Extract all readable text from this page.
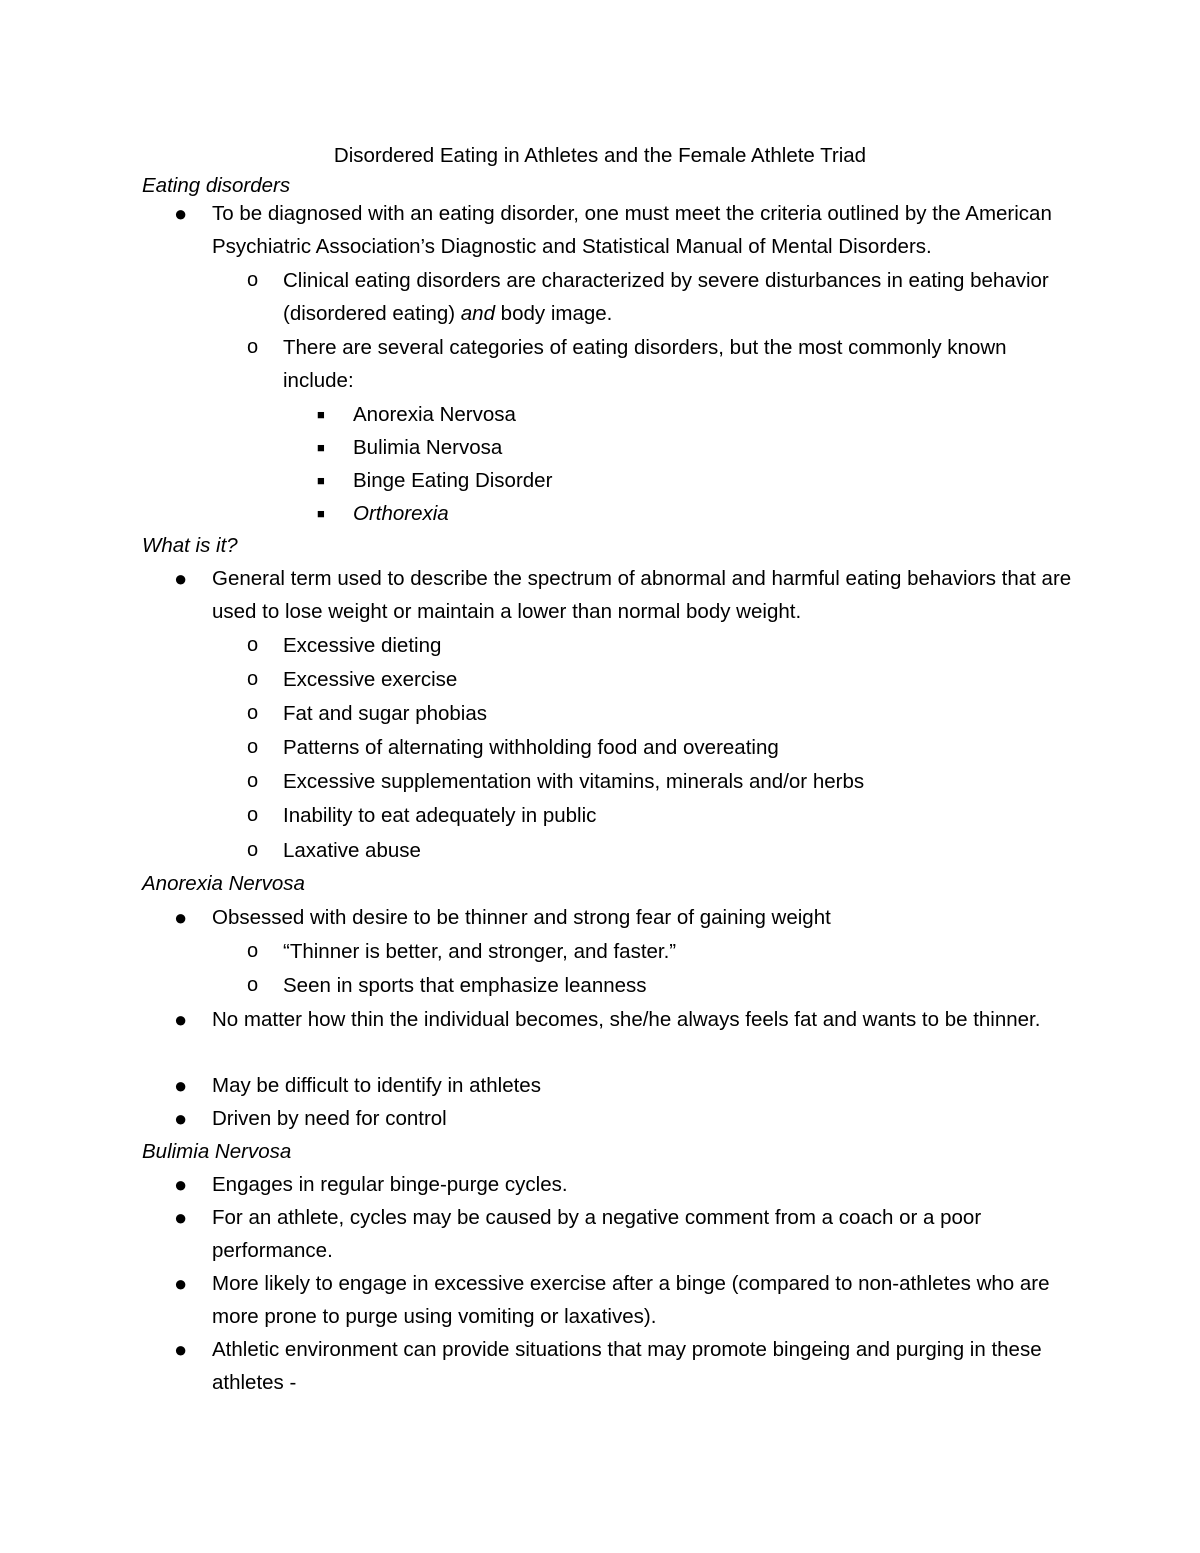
Disordered Eating in Athletes and the Female Athlete Triad
Eating disorders
● To be diagnosed with an eating disorder, one must meet the criteria outlined by the American Psychiatric Association’s Diagnostic and Statistical Manual of Mental Disorders.
o Clinical eating disorders are characterized by severe disturbances in eating behavior (disordered eating) and body image.
o There are several categories of eating disorders, but the most commonly known include:
■ Anorexia Nervosa
■ Bulimia Nervosa
■ Binge Eating Disorder
■ Orthorexia
What is it?
● General term used to describe the spectrum of abnormal and harmful eating behaviors that are used to lose weight or maintain a lower than normal body weight.
o Excessive dieting
o Excessive exercise
o Fat and sugar phobias
o Patterns of alternating withholding food and overeating
o Excessive supplementation with vitamins, minerals and/or herbs
o Inability to eat adequately in public
o Laxative abuse
Anorexia Nervosa
● Obsessed with desire to be thinner and strong fear of gaining weight
o “Thinner is better, and stronger, and faster.”
o Seen in sports that emphasize leanness
● No matter how thin the individual becomes, she/he always feels fat and wants to be thinner.
● May be difficult to identify in athletes
● Driven by need for control
Bulimia Nervosa
● Engages in regular binge-purge cycles.
● For an athlete, cycles may be caused by a negative comment from a coach or a poor performance.
● More likely to engage in excessive exercise after a binge (compared to non-athletes who are more prone to purge using vomiting or laxatives).
● Athletic environment can provide situations that may promote bingeing and purging in these athletes -
